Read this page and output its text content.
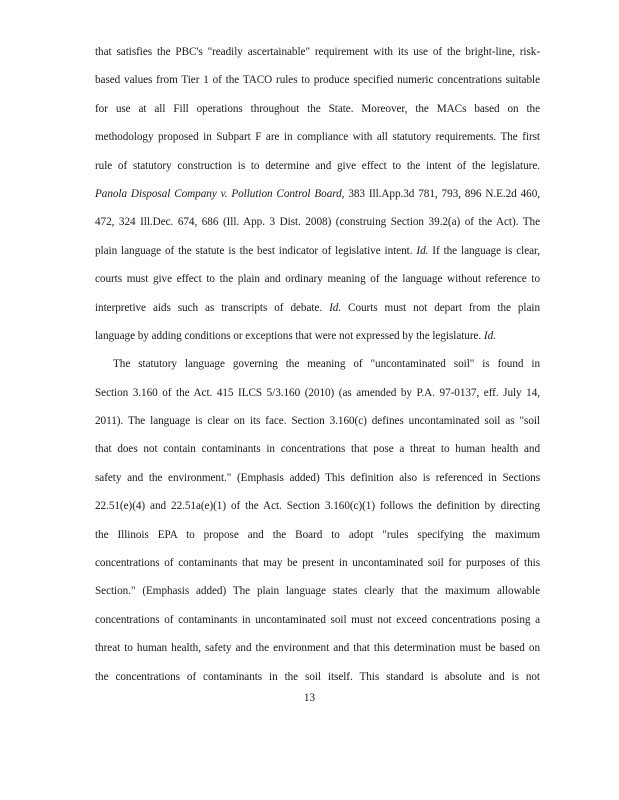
that satisfies the PBC's "readily ascertainable" requirement with its use of the bright-line, risk-
based values from Tier 1 of the TACO rules to produce specified numeric concentrations suitable
for use at all Fill operations throughout the State. Moreover, the MACs based on the
methodology proposed in Subpart F are in compliance with all statutory requirements. The first
rule of statutory construction is to determine and give effect to the intent of the legislature.
Panola Disposal Company v. Pollution Control Board, 383 Ill.App.3d 781, 793, 896 N.E.2d 460,
472, 324 Ill.Dec. 674, 686 (Ill. App. 3 Dist. 2008) (construing Section 39.2(a) of the Act). The
plain language of the statute is the best indicator of legislative intent. Id. If the language is clear,
courts must give effect to the plain and ordinary meaning of the language without reference to
interpretive aids such as transcripts of debate. Id. Courts must not depart from the plain
language by adding conditions or exceptions that were not expressed by the legislature. Id.
The statutory language governing the meaning of "uncontaminated soil" is found in
Section 3.160 of the Act. 415 ILCS 5/3.160 (2010) (as amended by P.A. 97-0137, eff. July 14,
2011). The language is clear on its face. Section 3.160(c) defines uncontaminated soil as "soil
that does not contain contaminants in concentrations that pose a threat to human health and
safety and the environment." (Emphasis added) This definition also is referenced in Sections
22.51(e)(4) and 22.51a(e)(1) of the Act. Section 3.160(c)(1) follows the definition by directing
the Illinois EPA to propose and the Board to adopt "rules specifying the maximum
concentrations of contaminants that may be present in uncontaminated soil for purposes of this
Section." (Emphasis added) The plain language states clearly that the maximum allowable
concentrations of contaminants in uncontaminated soil must not exceed concentrations posing a
threat to human health, safety and the environment and that this determination must be based on
the concentrations of contaminants in the soil itself. This standard is absolute and is not
13
